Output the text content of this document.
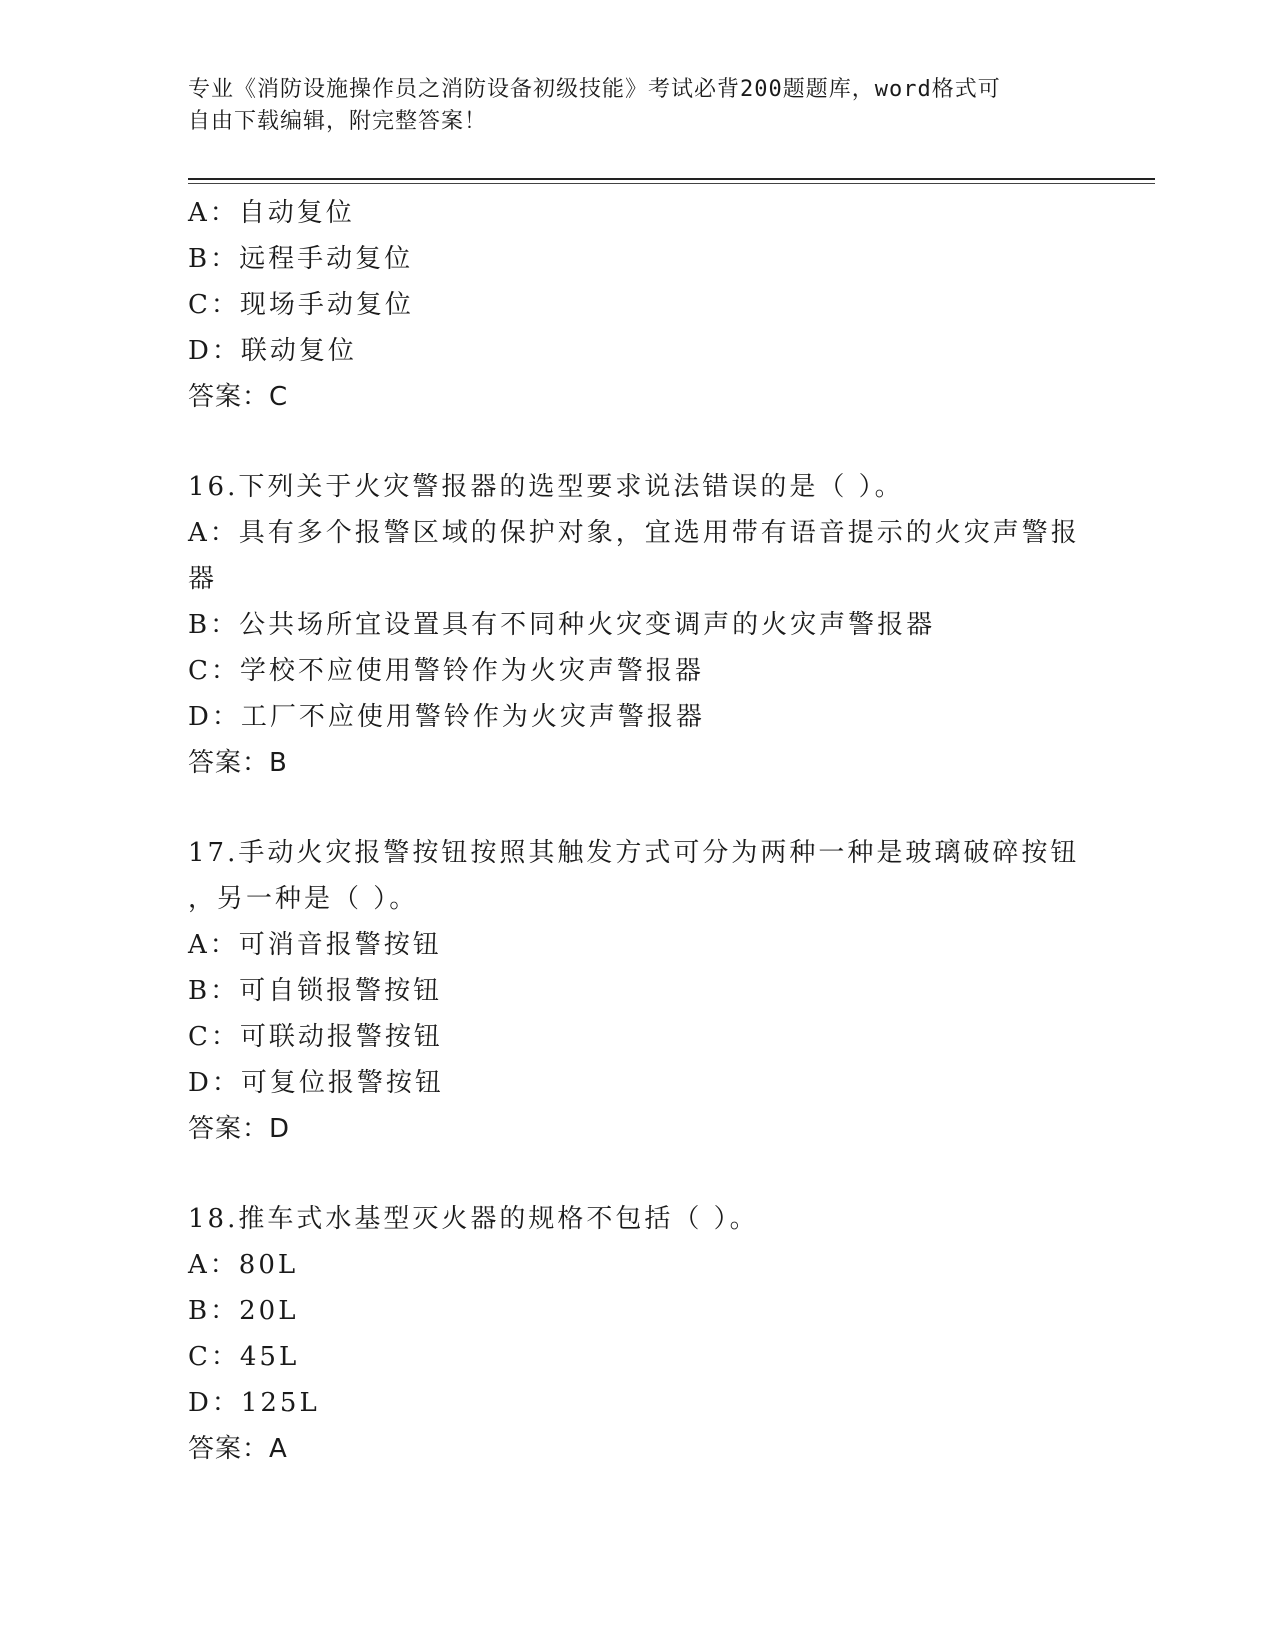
专业《消防设施操作员之消防设备初级技能》考试必背200题题库，word格式可
自由下载编辑，附完整答案！
A：自动复位
B：远程手动复位
C：现场手动复位
D：联动复位
答案：C
16.下列关于火灾警报器的选型要求说法错误的是（ ）。
A：具有多个报警区域的保护对象，宜选用带有语音提示的火灾声警报
器
B：公共场所宜设置具有不同种火灾变调声的火灾声警报器
C：学校不应使用警铃作为火灾声警报器
D：工厂不应使用警铃作为火灾声警报器
答案：B
17.手动火灾报警按钮按照其触发方式可分为两种一种是玻璃破碎按钮
，另一种是（ ）。
A：可消音报警按钮
B：可自锁报警按钮
C：可联动报警按钮
D：可复位报警按钮
答案：D
18.推车式水基型灭火器的规格不包括（ ）。
A：80L
B：20L
C：45L
D：125L
答案：A
